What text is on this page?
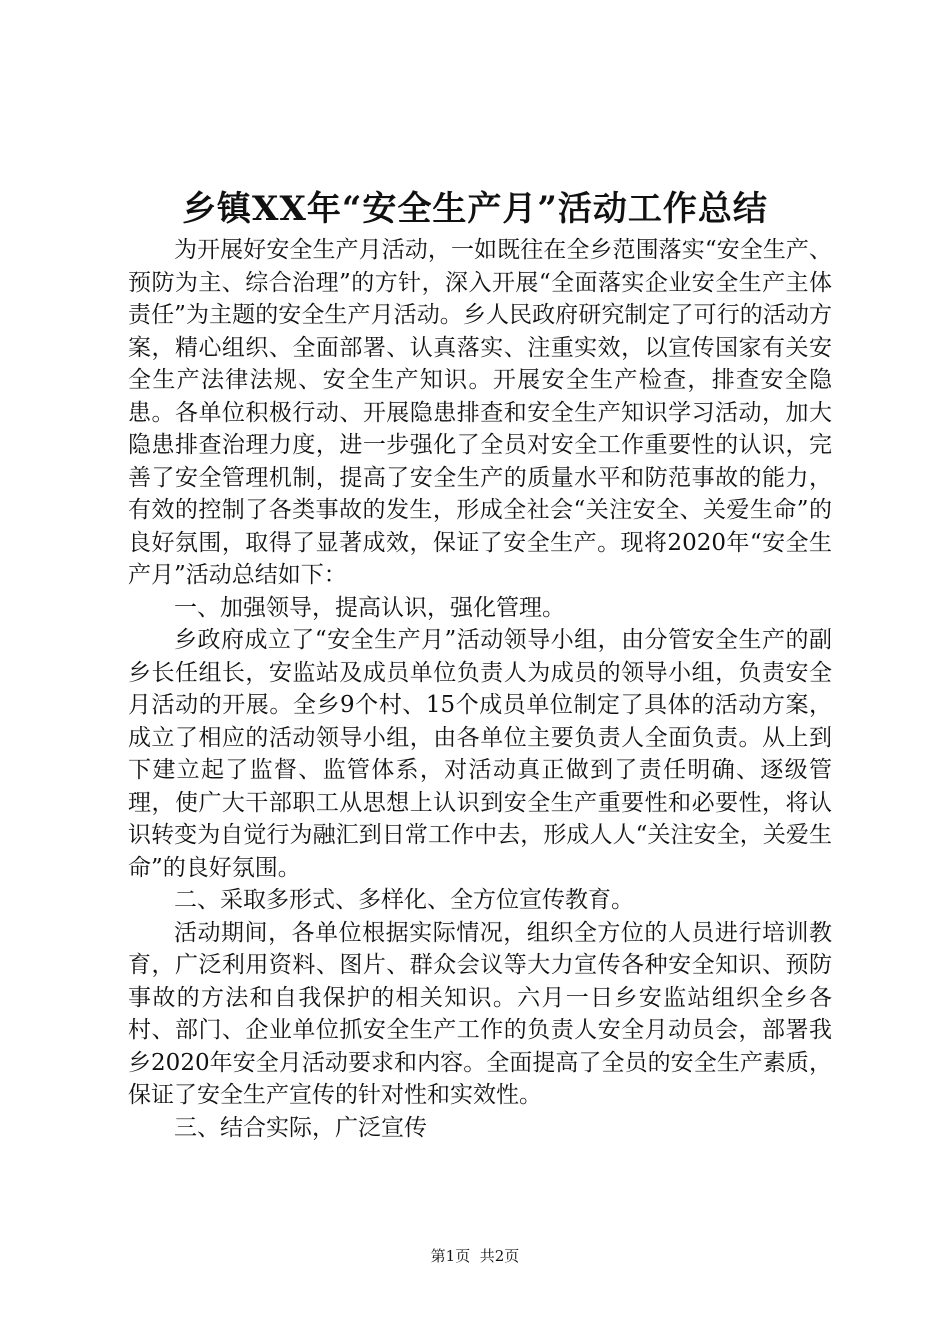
乡镇XX年“安全生产月”活动工作总结

为开展好安全生产月活动，一如既往在全乡范围落实“安全生产、预防为主、综合治理”的方针，深入开展“全面落实企业安全生产主体责任”为主题的安全生产月活动。乡人民政府研究制定了可行的活动方案，精心组织、全面部署、认真落实、注重实效，以宣传国家有关安全生产法律法规、安全生产知识。开展安全生产检查，排查安全隐患。各单位积极行动、开展隐患排查和安全生产知识学习活动，加大隐患排查治理力度，进一步强化了全员对安全工作重要性的认识，完善了安全管理机制，提高了安全生产的质量水平和防范事故的能力，有效的控制了各类事故的发生，形成全社会“关注安全、关爱生命”的良好氛围，取得了显著成效，保证了安全生产。现将2020年“安全生产月”活动总结如下：

一、加强领导，提高认识，强化管理。

乡政府成立了“安全生产月”活动领导小组，由分管安全生产的副乡长任组长，安监站及成员单位负责人为成员的领导小组，负责安全月活动的开展。全乡9个村、15个成员单位制定了具体的活动方案，成立了相应的活动领导小组，由各单位主要负责人全面负责。从上到下建立起了监督、监管体系，对活动真正做到了责任明确、逐级管理，使广大干部职工从思想上认识到安全生产重要性和必要性，将认识转变为自觉行为融汇到日常工作中去，形成人人“关注安全，关爱生命”的良好氛围。

二、采取多形式、多样化、全方位宣传教育。

活动期间，各单位根据实际情况，组织全方位的人员进行培训教育，广泛利用资料、图片、群众会议等大力宣传各种安全知识、预防事故的方法和自我保护的相关知识。六月一日乡安监站组织全乡各村、部门、企业单位抓安全生产工作的负责人安全月动员会，部署我乡2020年安全月活动要求和内容。全面提高了全员的安全生产素质，保证了安全生产宣传的针对性和实效性。

三、结合实际，广泛宣传

第1页 共2页
